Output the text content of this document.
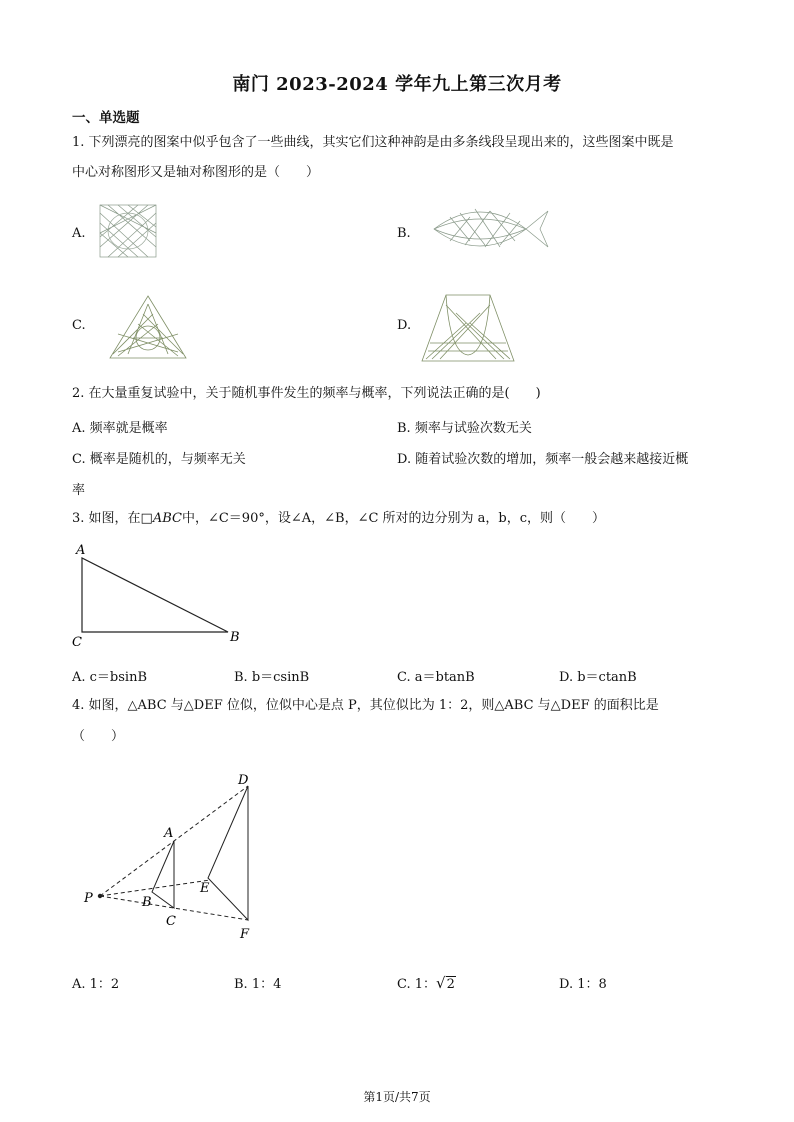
南门 2023-2024 学年九上第三次月考
一、单选题
1. 下列漂亮的图案中似乎包含了一些曲线，其实它们这种神韵是由多条线段呈现出来的，这些图案中既是
中心对称图形又是轴对称图形的是（　　）
A.	B.
C.	D.
2. 在大量重复试验中，关于随机事件发生的频率与概率，下列说法正确的是(　　)
A. 频率就是概率	B. 频率与试验次数无关
C. 概率是随机的，与频率无关	D. 随着试验次数的增加，频率一般会越来越接近概
率
3. 如图，在□ABC中，∠C＝90°，设∠A，∠B，∠C 所对的边分别为 a，b，c，则（　　）
A
C	B
A. c＝bsinB	B. b＝csinB	C. a＝btanB	D. b＝ctanB
4. 如图，△ABC 与△DEF 位似，位似中心是点 P，其位似比为 1：2，则△ABC 与△DEF 的面积比是
（　　）
P
A
B
C
D
E
F
A. 1：2	B. 1：4	C. 1：√2	D. 1：8
第1页/共7页
